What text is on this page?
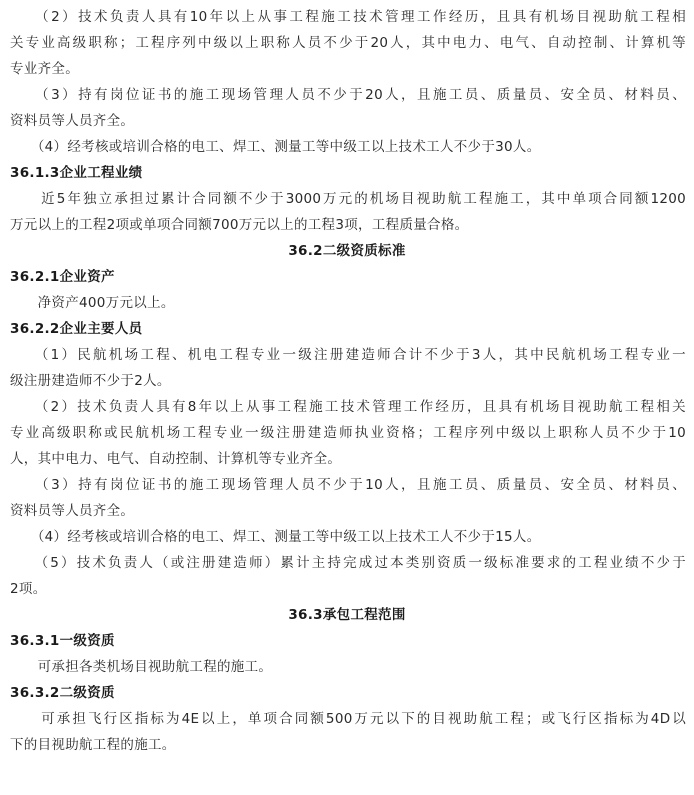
　　（2）技术负责人具有10年以上从事工程施工技术管理工作经历，且具有机场目视助航工程相
关专业高级职称；工程序列中级以上职称人员不少于20人，其中电力、电气、自动控制、计算机等
专业齐全。
　　（3）持有岗位证书的施工现场管理人员不少于20人，且施工员、质量员、安全员、材料员、
资料员等人员齐全。
　　（4）经考核或培训合格的电工、焊工、测量工等中级工以上技术工人不少于30人。
36.1.3企业工程业绩
　　近5年独立承担过累计合同额不少于3000万元的机场目视助航工程施工，其中单项合同额1200
万元以上的工程2项或单项合同额700万元以上的工程3项，工程质量合格。
36.2二级资质标准
36.2.1企业资产
　　净资产400万元以上。
36.2.2企业主要人员
　　（1）民航机场工程、机电工程专业一级注册建造师合计不少于3人，其中民航机场工程专业一
级注册建造师不少于2人。
　　（2）技术负责人具有8年以上从事工程施工技术管理工作经历，且具有机场目视助航工程相关
专业高级职称或民航机场工程专业一级注册建造师执业资格；工程序列中级以上职称人员不少于10
人，其中电力、电气、自动控制、计算机等专业齐全。
　　（3）持有岗位证书的施工现场管理人员不少于10人，且施工员、质量员、安全员、材料员、
资料员等人员齐全。
　　（4）经考核或培训合格的电工、焊工、测量工等中级工以上技术工人不少于15人。
　　（5）技术负责人（或注册建造师）累计主持完成过本类别资质一级标准要求的工程业绩不少于
2项。
36.3承包工程范围
36.3.1一级资质
　　可承担各类机场目视助航工程的施工。
36.3.2二级资质
　　可承担飞行区指标为4E以上，单项合同额500万元以下的目视助航工程；或飞行区指标为4D以
下的目视助航工程的施工。
